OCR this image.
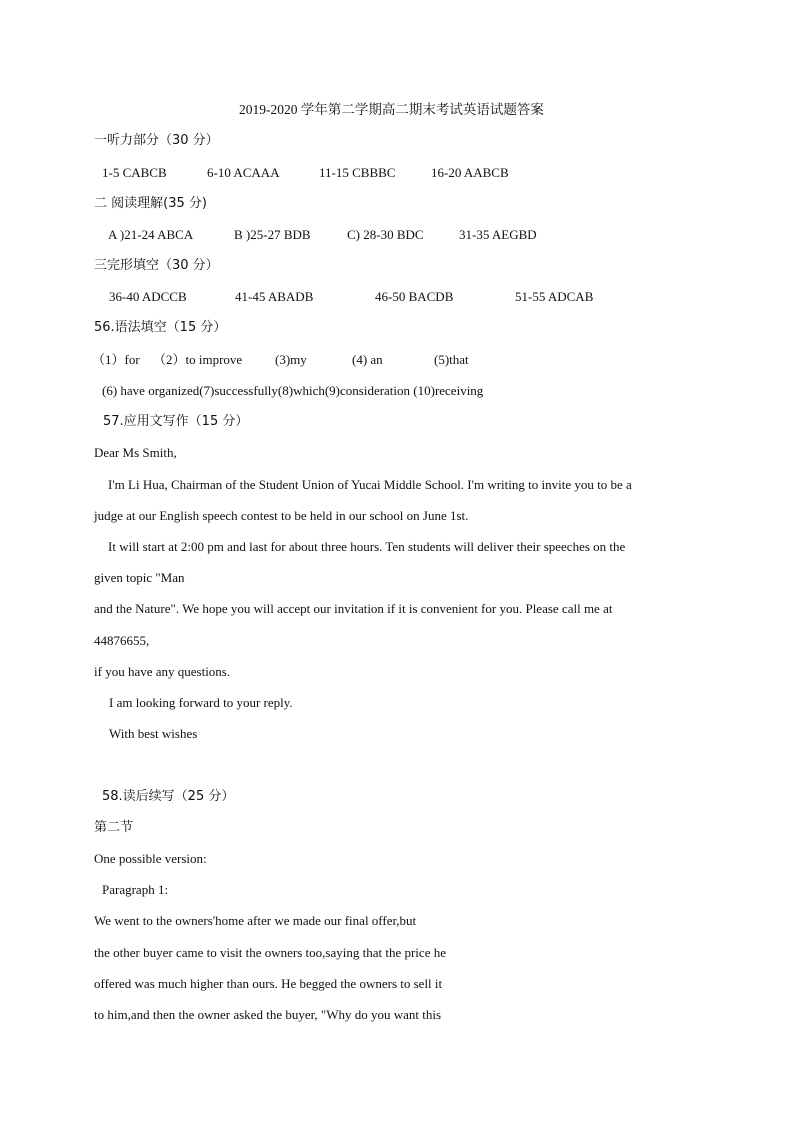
2019-2020 学年第二学期高二期末考试英语试题答案
一听力部分（30 分）
1-5 CABCB	6-10 ACAAA	11-15 CBBBC	16-20 AABCB
二 阅读理解(35 分)
A )21-24 ABCA	B )25-27 BDB	C) 28-30 BDC	31-35 AEGBD
三完形填空（30 分）
36-40 ADCCB	41-45 ABADB	46-50 BACDB	51-55 ADCAB
56.语法填空（15 分）
（1）for （2）to improve	(3)my	(4) an	(5)that
(6) have organized(7)successfully(8)which(9)consideration (10)receiving
57.应用文写作（15 分）
Dear Ms Smith,
I'm Li Hua, Chairman of the Student Union of Yucai Middle School. I'm writing to invite you to be a
judge at our English speech contest to be held in our school on June 1st.
It will start at 2:00 pm and last for about three hours. Ten students will deliver their speeches on the
given topic "Man
and the Nature". We hope you will accept our invitation if it is convenient for you. Please call me at
44876655,
if you have any questions.
I am looking forward to your reply.
With best wishes
58.读后续写（25 分）
第二节
One possible version:
Paragraph 1:
We went to the owners'home after we made our final offer,but
the other buyer came to visit the owners too,saying that the price he
offered was much higher than ours. He begged the owners to sell it
to him,and then the owner asked the buyer, "Why do you want this
